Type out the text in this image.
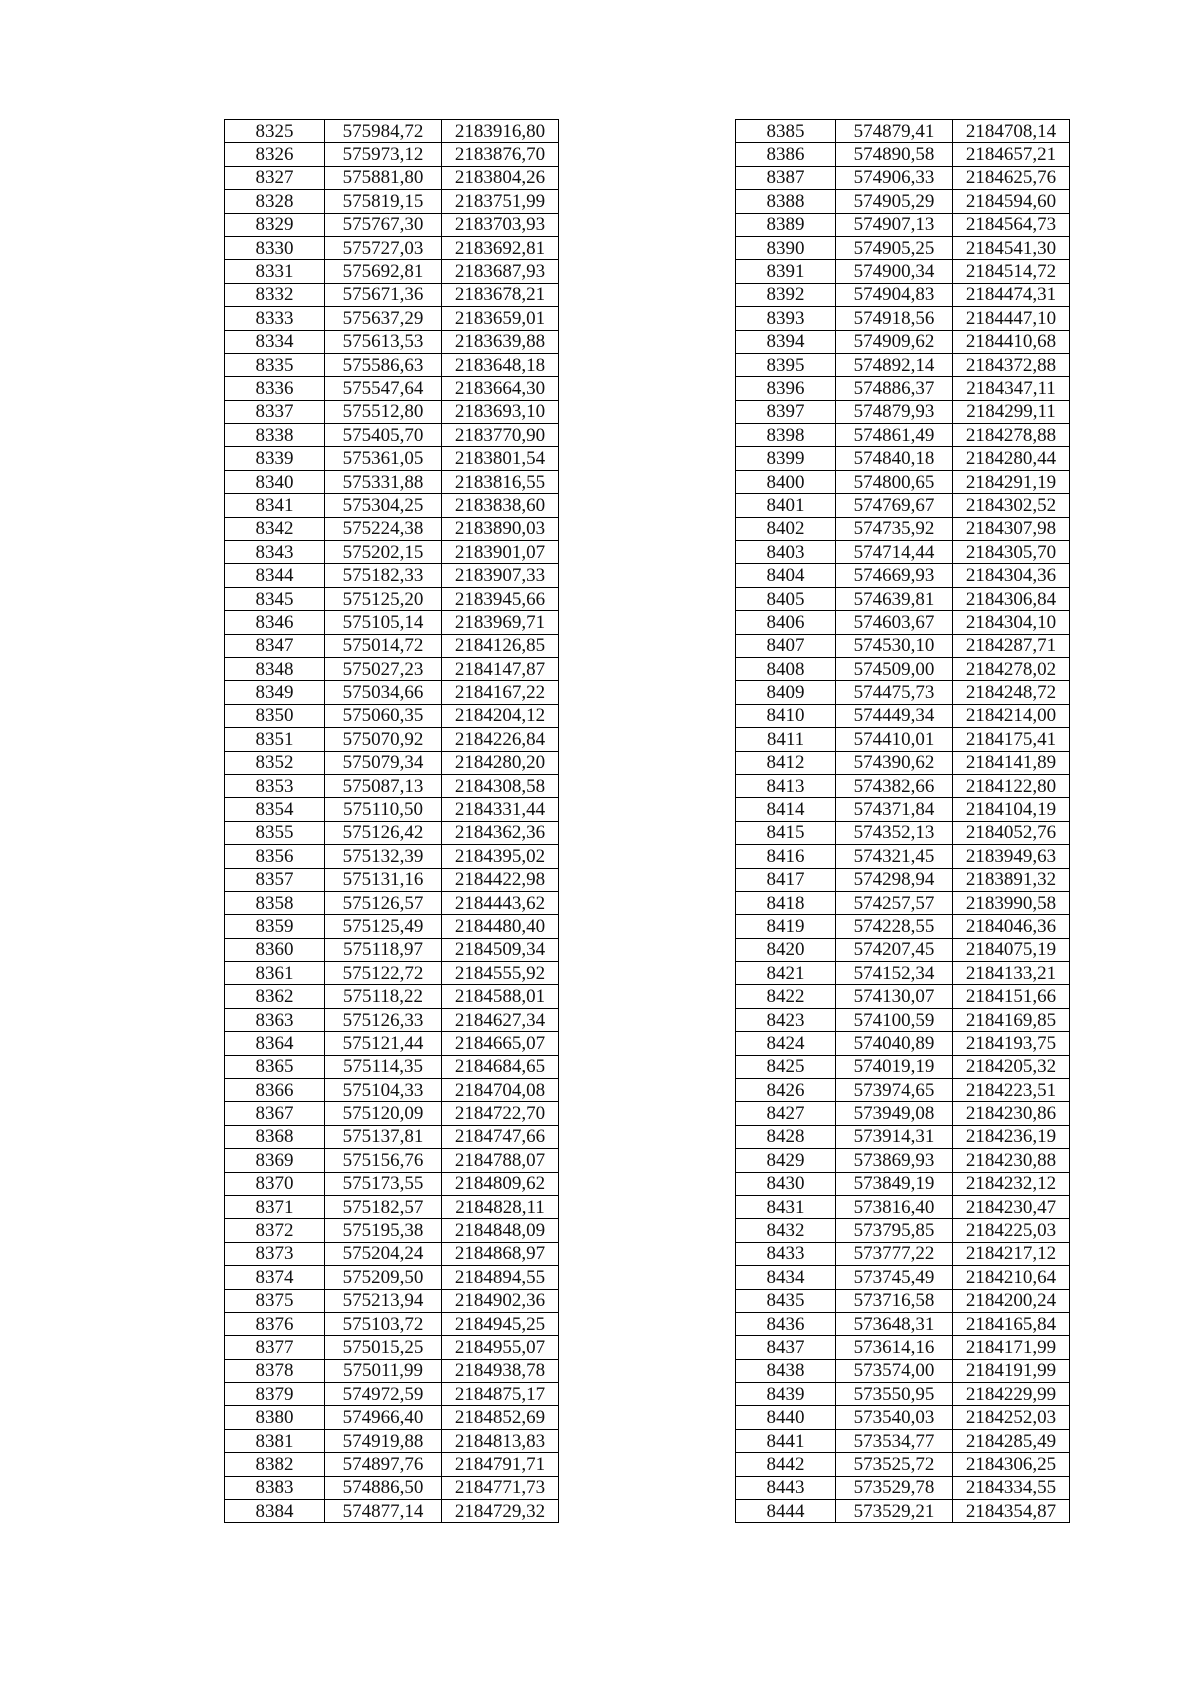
8325	575984,72	2183916,80
8326	575973,12	2183876,70
8327	575881,80	2183804,26
8328	575819,15	2183751,99
8329	575767,30	2183703,93
8330	575727,03	2183692,81
8331	575692,81	2183687,93
8332	575671,36	2183678,21
8333	575637,29	2183659,01
8334	575613,53	2183639,88
8335	575586,63	2183648,18
8336	575547,64	2183664,30
8337	575512,80	2183693,10
8338	575405,70	2183770,90
8339	575361,05	2183801,54
8340	575331,88	2183816,55
8341	575304,25	2183838,60
8342	575224,38	2183890,03
8343	575202,15	2183901,07
8344	575182,33	2183907,33
8345	575125,20	2183945,66
8346	575105,14	2183969,71
8347	575014,72	2184126,85
8348	575027,23	2184147,87
8349	575034,66	2184167,22
8350	575060,35	2184204,12
8351	575070,92	2184226,84
8352	575079,34	2184280,20
8353	575087,13	2184308,58
8354	575110,50	2184331,44
8355	575126,42	2184362,36
8356	575132,39	2184395,02
8357	575131,16	2184422,98
8358	575126,57	2184443,62
8359	575125,49	2184480,40
8360	575118,97	2184509,34
8361	575122,72	2184555,92
8362	575118,22	2184588,01
8363	575126,33	2184627,34
8364	575121,44	2184665,07
8365	575114,35	2184684,65
8366	575104,33	2184704,08
8367	575120,09	2184722,70
8368	575137,81	2184747,66
8369	575156,76	2184788,07
8370	575173,55	2184809,62
8371	575182,57	2184828,11
8372	575195,38	2184848,09
8373	575204,24	2184868,97
8374	575209,50	2184894,55
8375	575213,94	2184902,36
8376	575103,72	2184945,25
8377	575015,25	2184955,07
8378	575011,99	2184938,78
8379	574972,59	2184875,17
8380	574966,40	2184852,69
8381	574919,88	2184813,83
8382	574897,76	2184791,71
8383	574886,50	2184771,73
8384	574877,14	2184729,32
8385	574879,41	2184708,14
8386	574890,58	2184657,21
8387	574906,33	2184625,76
8388	574905,29	2184594,60
8389	574907,13	2184564,73
8390	574905,25	2184541,30
8391	574900,34	2184514,72
8392	574904,83	2184474,31
8393	574918,56	2184447,10
8394	574909,62	2184410,68
8395	574892,14	2184372,88
8396	574886,37	2184347,11
8397	574879,93	2184299,11
8398	574861,49	2184278,88
8399	574840,18	2184280,44
8400	574800,65	2184291,19
8401	574769,67	2184302,52
8402	574735,92	2184307,98
8403	574714,44	2184305,70
8404	574669,93	2184304,36
8405	574639,81	2184306,84
8406	574603,67	2184304,10
8407	574530,10	2184287,71
8408	574509,00	2184278,02
8409	574475,73	2184248,72
8410	574449,34	2184214,00
8411	574410,01	2184175,41
8412	574390,62	2184141,89
8413	574382,66	2184122,80
8414	574371,84	2184104,19
8415	574352,13	2184052,76
8416	574321,45	2183949,63
8417	574298,94	2183891,32
8418	574257,57	2183990,58
8419	574228,55	2184046,36
8420	574207,45	2184075,19
8421	574152,34	2184133,21
8422	574130,07	2184151,66
8423	574100,59	2184169,85
8424	574040,89	2184193,75
8425	574019,19	2184205,32
8426	573974,65	2184223,51
8427	573949,08	2184230,86
8428	573914,31	2184236,19
8429	573869,93	2184230,88
8430	573849,19	2184232,12
8431	573816,40	2184230,47
8432	573795,85	2184225,03
8433	573777,22	2184217,12
8434	573745,49	2184210,64
8435	573716,58	2184200,24
8436	573648,31	2184165,84
8437	573614,16	2184171,99
8438	573574,00	2184191,99
8439	573550,95	2184229,99
8440	573540,03	2184252,03
8441	573534,77	2184285,49
8442	573525,72	2184306,25
8443	573529,78	2184334,55
8444	573529,21	2184354,87
